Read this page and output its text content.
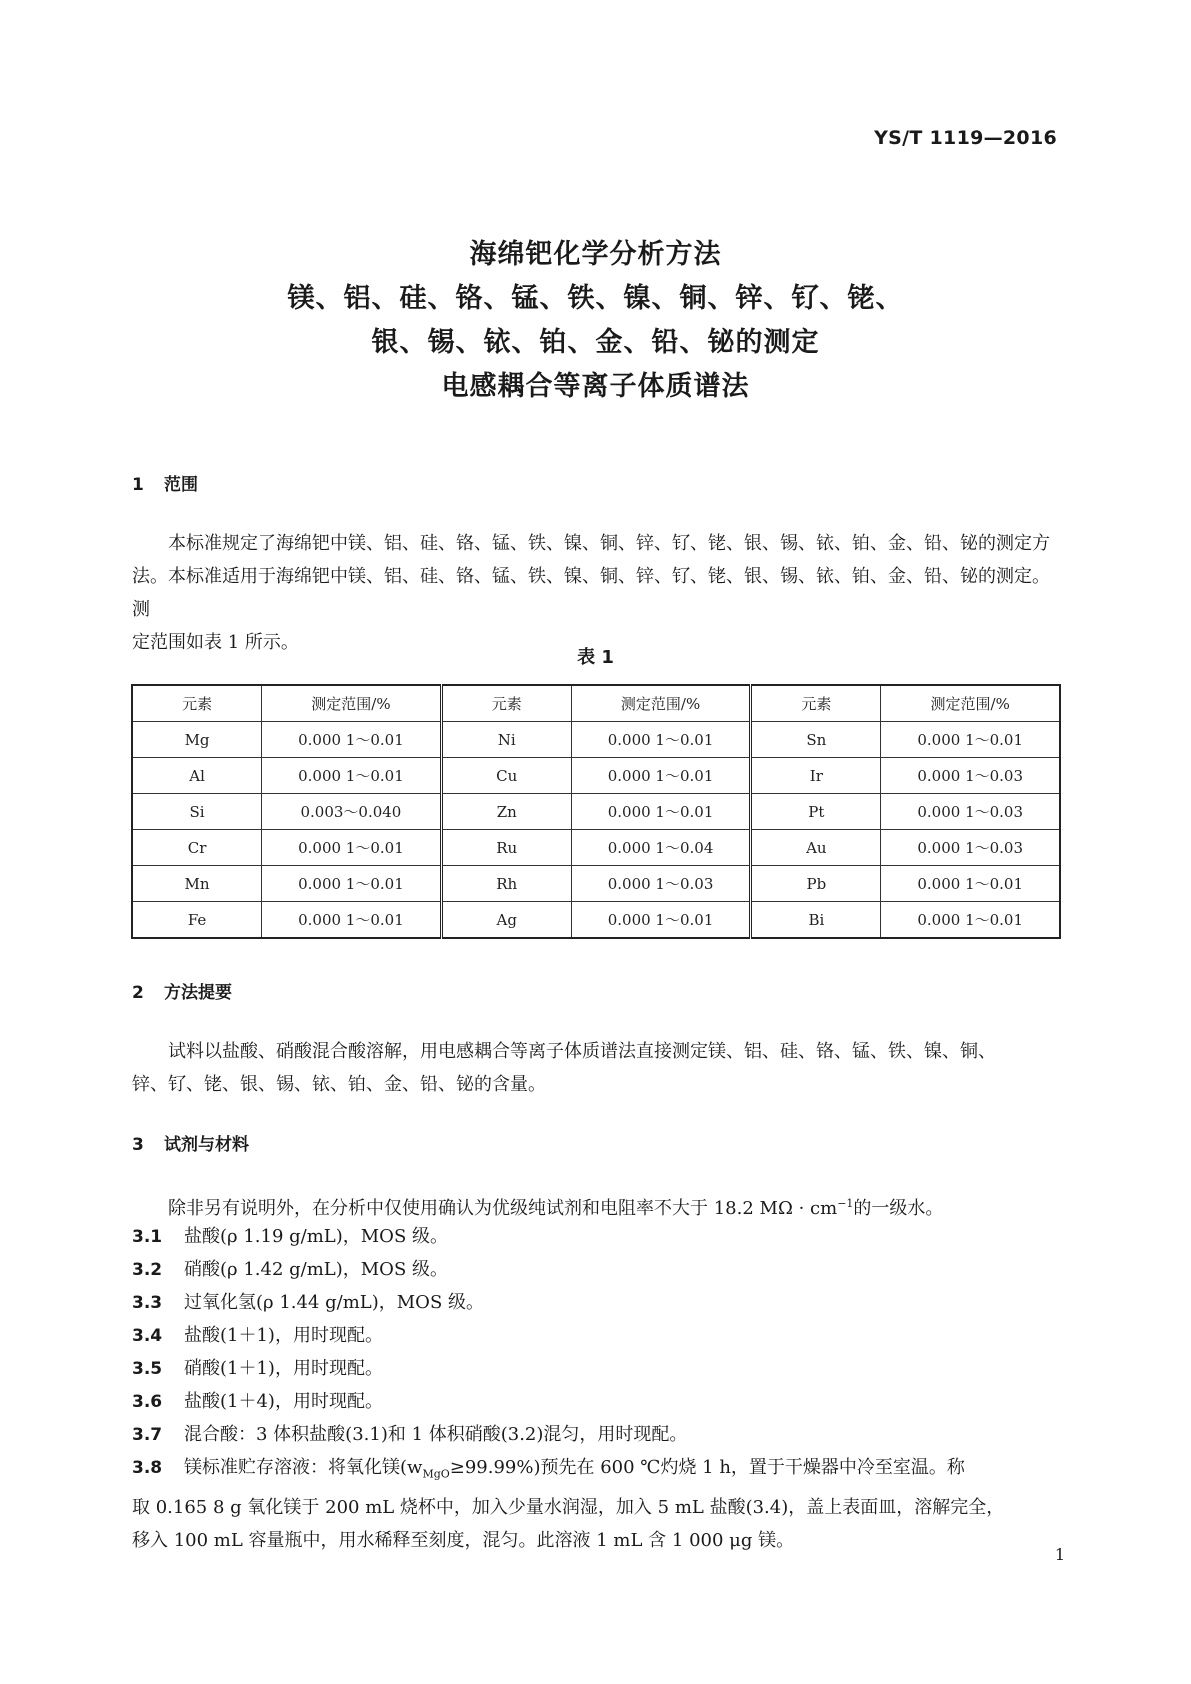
YS/T 1119—2016
海绵钯化学分析方法
镁、铝、硅、铬、锰、铁、镍、铜、锌、钌、铑、
银、锡、铱、铂、金、铅、铋的测定
电感耦合等离子体质谱法
1 范围
本标准规定了海绵钯中镁、铝、硅、铬、锰、铁、镍、铜、锌、钌、铑、银、锡、铱、铂、金、铅、铋的测定方法。 本标准适用于海绵钯中镁、铝、硅、铬、锰、铁、镍、铜、锌、钌、铑、银、锡、铱、铂、金、铅、铋的测定。测
定范围如表 1 所示。
表 1
元素	测定范围/%	元素	测定范围/%	元素	测定范围/%
Mg	0.000 1～0.01	Ni	0.000 1～0.01	Sn	0.000 1～0.01
Al	0.000 1～0.01	Cu	0.000 1～0.01	Ir	0.000 1～0.03
Si	0.003～0.040	Zn	0.000 1～0.01	Pt	0.000 1～0.03
Cr	0.000 1～0.01	Ru	0.000 1～0.04	Au	0.000 1～0.03
Mn	0.000 1～0.01	Rh	0.000 1～0.03	Pb	0.000 1～0.01
Fe	0.000 1～0.01	Ag	0.000 1～0.01	Bi	0.000 1～0.01
2 方法提要
试料以盐酸、硝酸混合酸溶解，用电感耦合等离子体质谱法直接测定镁、铝、硅、铬、锰、铁、镍、铜、
锌、钌、铑、银、锡、铱、铂、金、铅、铋的含量。
3 试剂与材料
除非另有说明外，在分析中仅使用确认为优级纯试剂和电阻率不大于 18.2 $M\Omega \cdot cm^{-1}$的一级水。
3.1 盐酸(ρ 1.19 g/mL)，MOS 级。
3.2 硝酸(ρ 1.42 g/mL)，MOS 级。
3.3 过氧化氢(ρ 1.44 g/mL)，MOS 级。
3.4 盐酸(1＋1)，用时现配。
3.5 硝酸(1＋1)，用时现配。
3.6 盐酸(1＋4)，用时现配。
3.7 混合酸：3 体积盐酸(3.1)和 1 体积硝酸(3.2)混匀，用时现配。
3.8 镁标准贮存溶液：将氧化镁$(w_{MgO}\ge 99.99\%)$预先在 600 ℃灼烧 1 h，置于干燥器中冷至室温。称
取 0.165 8 g 氧化镁于 200 mL 烧杯中，加入少量水润湿，加入 5 mL 盐酸(3.4)，盖上表面皿，溶解完全，
移入 100 mL 容量瓶中，用水稀释至刻度，混匀。此溶液 1 mL 含 1 000 μg 镁。
1
